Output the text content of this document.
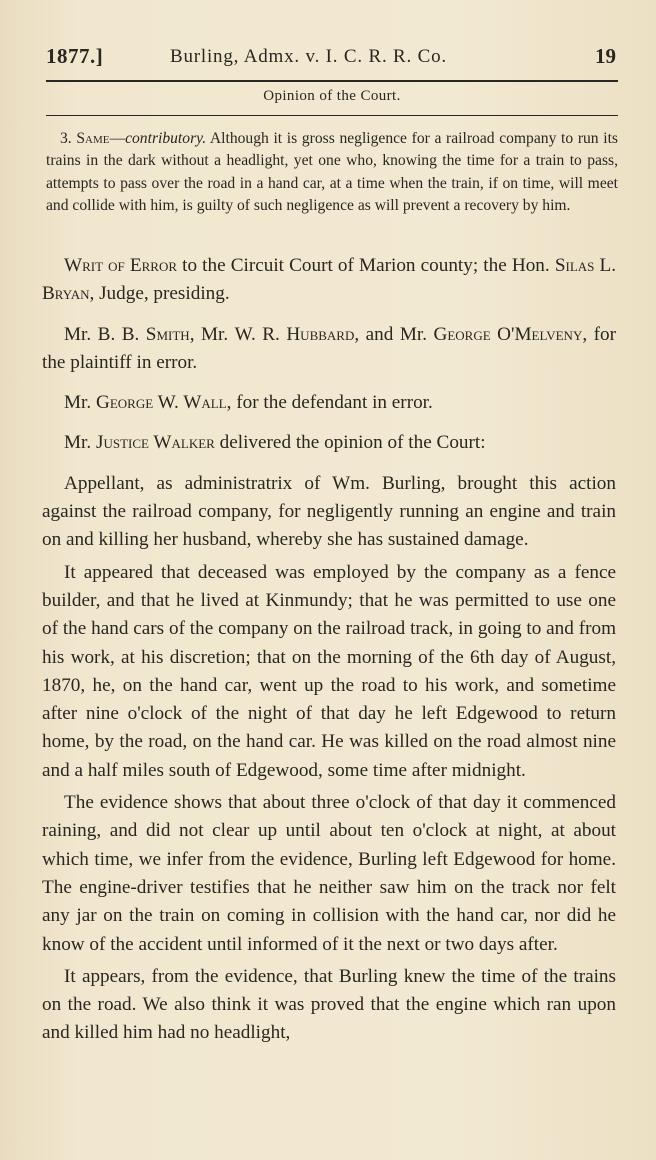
1877.]	Burling, Admx. v. I. C. R. R. Co.	19
Opinion of the Court.
3. Same—contributory. Although it is gross negligence for a railroad company to run its trains in the dark without a headlight, yet one who, knowing the time for a train to pass, attempts to pass over the road in a hand car, at a time when the train, if on time, will meet and collide with him, is guilty of such negligence as will prevent a recovery by him.

Writ of Error to the Circuit Court of Marion county; the Hon. Silas L. Bryan, Judge, presiding.

Mr. B. B. Smith, Mr. W. R. Hubbard, and Mr. George O'Melveny, for the plaintiff in error.

Mr. George W. Wall, for the defendant in error.

Mr. Justice Walker delivered the opinion of the Court:

Appellant, as administratrix of Wm. Burling, brought this action against the railroad company, for negligently running an engine and train on and killing her husband, whereby she has sustained damage.

It appeared that deceased was employed by the company as a fence builder, and that he lived at Kinmundy; that he was permitted to use one of the hand cars of the company on the railroad track, in going to and from his work, at his discretion; that on the morning of the 6th day of August, 1870, he, on the hand car, went up the road to his work, and sometime after nine o'clock of the night of that day he left Edgewood to return home, by the road, on the hand car. He was killed on the road almost nine and a half miles south of Edgewood, some time after midnight.

The evidence shows that about three o'clock of that day it commenced raining, and did not clear up until about ten o'clock at night, at about which time, we infer from the evidence, Burling left Edgewood for home. The engine-driver testifies that he neither saw him on the track nor felt any jar on the train on coming in collision with the hand car, nor did he know of the accident until informed of it the next or two days after.

It appears, from the evidence, that Burling knew the time of the trains on the road. We also think it was proved that the engine which ran upon and killed him had no headlight,
